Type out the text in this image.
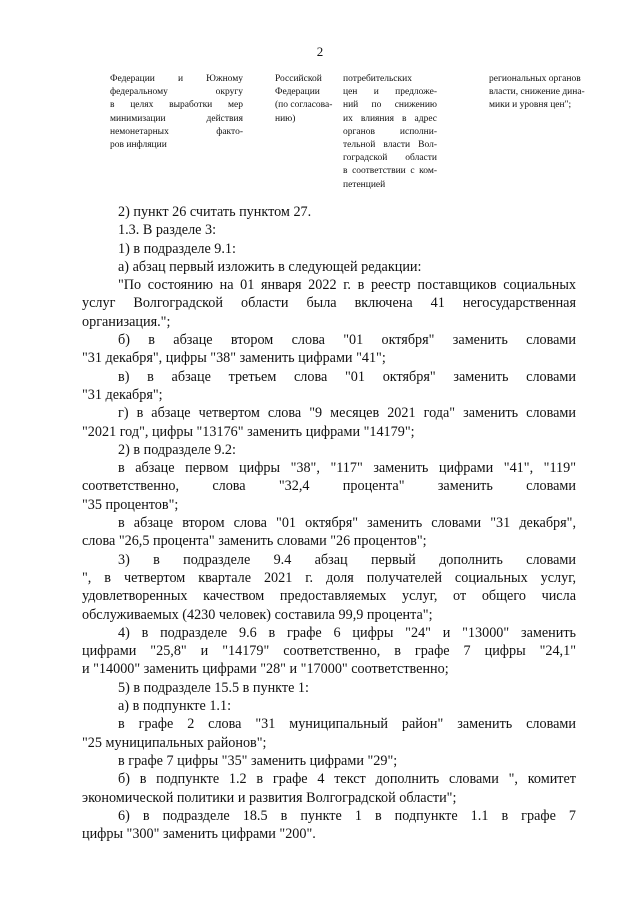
2
Федерации и Южному
федеральному округу
в целях выработки мер
минимизации действия
немонетарных факто-
ров инфляции
Российской
Федерации
(по согласова-
нию)
потребительских
цен и предложе-
ний по снижению
их влияния в адрес
органов исполни-
тельной власти Вол-
гоградской области
в соответствии с ком-
петенцией
региональных органов
власти, снижение дина-
мики и уровня цен";
2) пункт 26 считать пунктом 27.
1.3. В разделе 3:
1) в подразделе 9.1:
а) абзац первый изложить в следующей редакции:
"По состоянию на 01 января 2022 г. в реестр поставщиков социальных
услуг Волгоградской области была включена 41 негосударственная
организация.";
б) в абзаце втором слова "01 октября" заменить словами
"31 декабря", цифры "38" заменить цифрами "41";
в) в абзаце третьем слова "01 октября" заменить словами
"31 декабря";
г) в абзаце четвертом слова "9 месяцев 2021 года" заменить словами
"2021 год", цифры "13176" заменить цифрами "14179";
2) в подразделе 9.2:
в абзаце первом цифры "38", "117" заменить цифрами "41", "119"
соответственно, слова "32,4 процента" заменить словами
"35 процентов";
в абзаце втором слова "01 октября" заменить словами "31 декабря",
слова "26,5 процента" заменить словами "26 процентов";
3) в подразделе 9.4 абзац первый дополнить словами
", в четвертом квартале 2021 г. доля получателей социальных услуг,
удовлетворенных качеством предоставляемых услуг, от общего числа
обслуживаемых (4230 человек) составила 99,9 процента";
4) в подразделе 9.6 в графе 6 цифры "24" и "13000" заменить
цифрами "25,8" и "14179" соответственно, в графе 7 цифры "24,1"
и "14000" заменить цифрами "28" и "17000" соответственно;
5) в подразделе 15.5 в пункте 1:
а) в подпункте 1.1:
в графе 2 слова "31 муниципальный район" заменить словами
"25 муниципальных районов";
в графе 7 цифры "35" заменить цифрами "29";
б) в подпункте 1.2 в графе 4 текст дополнить словами ", комитет
экономической политики и развития Волгоградской области";
6) в подразделе 18.5 в пункте 1 в подпункте 1.1 в графе 7
цифры "300" заменить цифрами "200".
